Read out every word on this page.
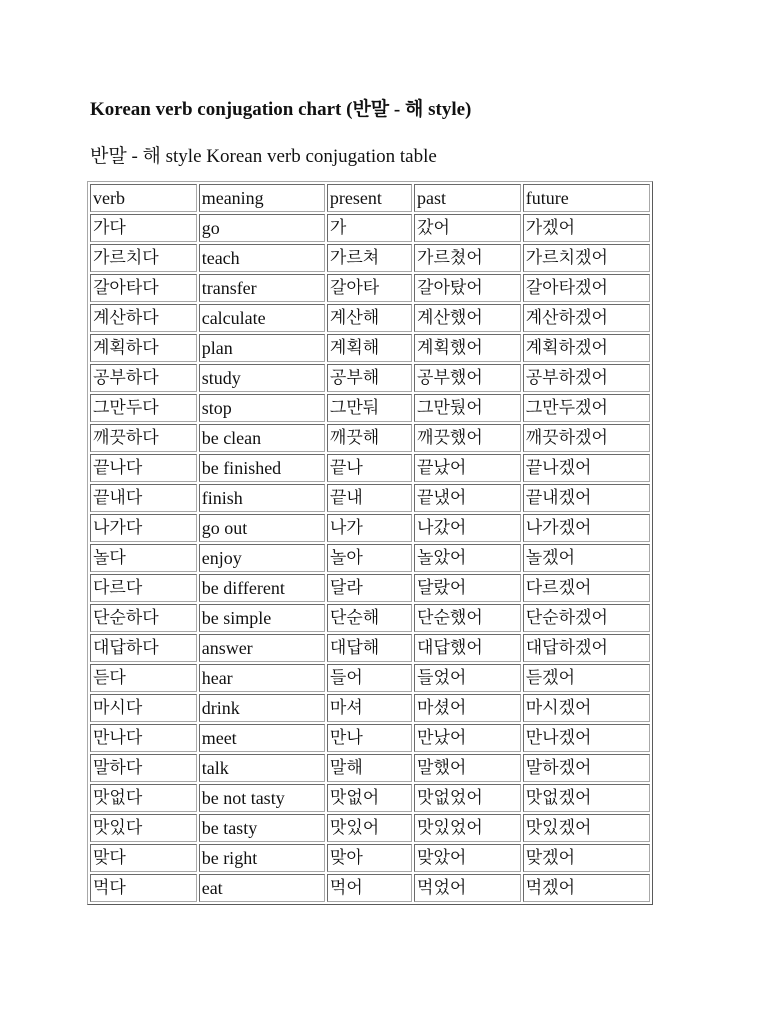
Korean verb conjugation chart (반말 - 해 style)

반말 - 해 style Korean verb conjugation table

verb	meaning	present	past	future
가다	go	가	갔어	가겠어
가르치다	teach	가르쳐	가르쳤어	가르치겠어
갈아타다	transfer	갈아타	갈아탔어	갈아타겠어
계산하다	calculate	계산해	계산했어	계산하겠어
계획하다	plan	계획해	계획했어	계획하겠어
공부하다	study	공부해	공부했어	공부하겠어
그만두다	stop	그만둬	그만뒀어	그만두겠어
깨끗하다	be clean	깨끗해	깨끗했어	깨끗하겠어
끝나다	be finished	끝나	끝났어	끝나겠어
끝내다	finish	끝내	끝냈어	끝내겠어
나가다	go out	나가	나갔어	나가겠어
놀다	enjoy	놀아	놀았어	놀겠어
다르다	be different	달라	달랐어	다르겠어
단순하다	be simple	단순해	단순했어	단순하겠어
대답하다	answer	대답해	대답했어	대답하겠어
듣다	hear	들어	들었어	듣겠어
마시다	drink	마셔	마셨어	마시겠어
만나다	meet	만나	만났어	만나겠어
말하다	talk	말해	말했어	말하겠어
맛없다	be not tasty	맛없어	맛없었어	맛없겠어
맛있다	be tasty	맛있어	맛있었어	맛있겠어
맞다	be right	맞아	맞았어	맞겠어
먹다	eat	먹어	먹었어	먹겠어
